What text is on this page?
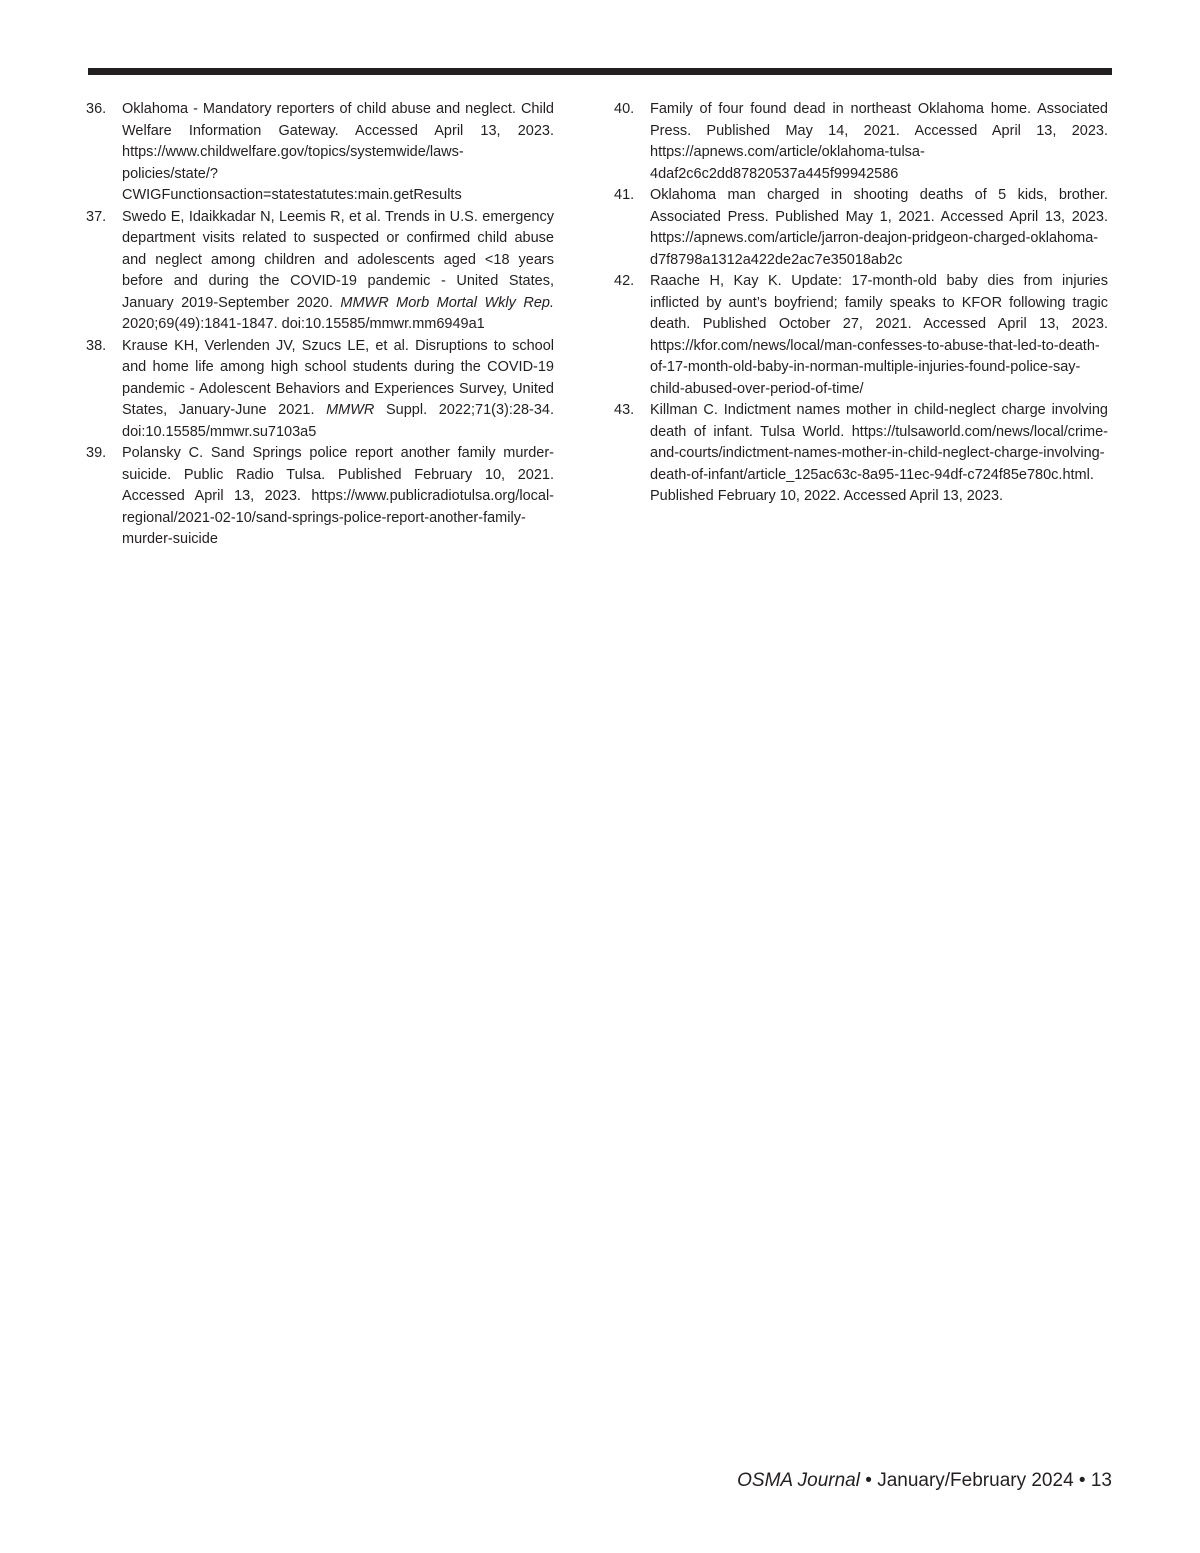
36.	Oklahoma - Mandatory reporters of child abuse and neglect. Child Welfare Information Gateway. Accessed April 13, 2023. https://www.childwelfare.gov/topics/systemwide/laws-policies/state/?CWIGFunctionsaction=statestatutes:main.getResults
37.	Swedo E, Idaikkadar N, Leemis R, et al. Trends in U.S. emergency department visits related to suspected or confirmed child abuse and neglect among children and adolescents aged <18 years before and during the COVID-19 pandemic - United States, January 2019-September 2020. MMWR Morb Mortal Wkly Rep. 2020;69(49):1841-1847. doi:10.15585/mmwr.mm6949a1
38.	Krause KH, Verlenden JV, Szucs LE, et al. Disruptions to school and home life among high school students during the COVID-19 pandemic - Adolescent Behaviors and Experiences Survey, United States, January-June 2021. MMWR Suppl. 2022;71(3):28-34. doi:10.15585/mmwr.su7103a5
39.	Polansky C. Sand Springs police report another family murder-suicide. Public Radio Tulsa. Published February 10, 2021. Accessed April 13, 2023. https://www.publicradiotulsa.org/local-regional/2021-02-10/sand-springs-police-report-another-family-murder-suicide
40.	Family of four found dead in northeast Oklahoma home. Associated Press. Published May 14, 2021. Accessed April 13, 2023. https://apnews.com/article/oklahoma-tulsa-4daf2c6c2dd87820537a445f99942586
41.	Oklahoma man charged in shooting deaths of 5 kids, brother. Associated Press. Published May 1, 2021. Accessed April 13, 2023. https://apnews.com/article/jarron-deajon-pridgeon-charged-oklahoma-d7f8798a1312a422de2ac7e35018ab2c
42.	Raache H, Kay K. Update: 17-month-old baby dies from injuries inflicted by aunt’s boyfriend; family speaks to KFOR following tragic death. Published October 27, 2021. Accessed April 13, 2023. https://kfor.com/news/local/man-confesses-to-abuse-that-led-to-death-of-17-month-old-baby-in-norman-multiple-injuries-found-police-say-child-abused-over-period-of-time/
43.	Killman C. Indictment names mother in child-neglect charge involving death of infant. Tulsa World. https://tulsaworld.com/news/local/crime-and-courts/indictment-names-mother-in-child-neglect-charge-involving-death-of-infant/article_125ac63c-8a95-11ec-94df-c724f85e780c.html. Published February 10, 2022. Accessed April 13, 2023.
OSMA Journal • January/February 2024 • 13
